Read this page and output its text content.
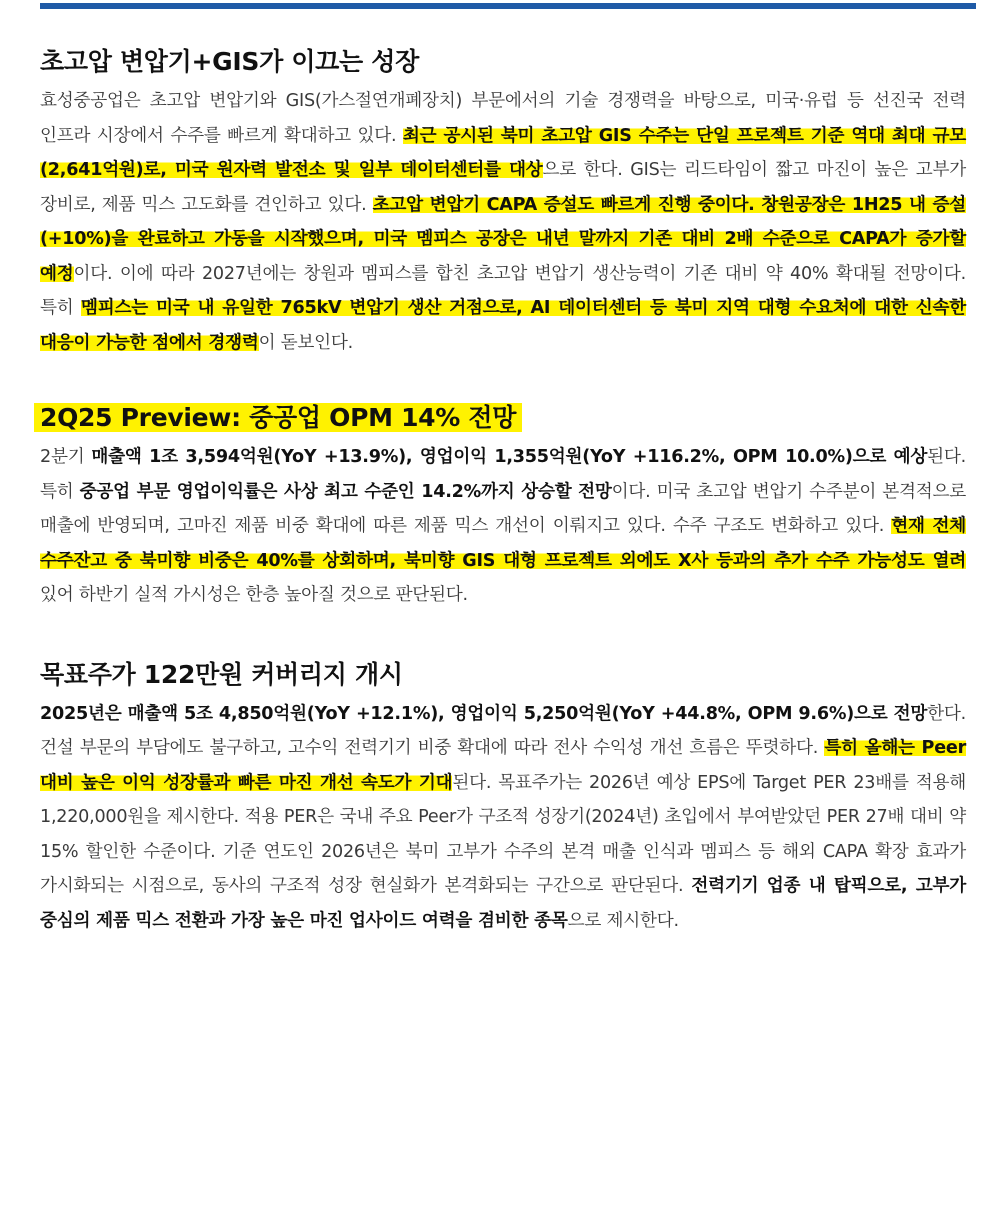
초고압 변압기+GIS가 이끄는 성장

효성중공업은 초고압 변압기와 GIS(가스절연개폐장치) 부문에서의 기술 경쟁력을 바탕으로, 미국·유럽 등 선진국 전력 인프라 시장에서 수주를 빠르게 확대하고 있다. 최근 공시된 북미 초고압 GIS 수주는 단일 프로젝트 기준 역대 최대 규모(2,641억원)로, 미국 원자력 발전소 및 일부 데이터센터를 대상으로 한다. GIS는 리드타임이 짧고 마진이 높은 고부가 장비로, 제품 믹스 고도화를 견인하고 있다. 초고압 변압기 CAPA 증설도 빠르게 진행 중이다. 창원공장은 1H25 내 증설(+10%)을 완료하고 가동을 시작했으며, 미국 멤피스 공장은 내년 말까지 기존 대비 2배 수준으로 CAPA가 증가할 예정이다. 이에 따라 2027년에는 창원과 멤피스를 합친 초고압 변압기 생산능력이 기존 대비 약 40% 확대될 전망이다. 특히 멤피스는 미국 내 유일한 765kV 변압기 생산 거점으로, AI 데이터센터 등 북미 지역 대형 수요처에 대한 신속한 대응이 가능한 점에서 경쟁력이 돋보인다.

2Q25 Preview: 중공업 OPM 14% 전망

2분기 매출액 1조 3,594억원(YoY +13.9%), 영업이익 1,355억원(YoY +116.2%, OPM 10.0%)으로 예상된다. 특히 중공업 부문 영업이익률은 사상 최고 수준인 14.2%까지 상승할 전망이다. 미국 초고압 변압기 수주분이 본격적으로 매출에 반영되며, 고마진 제품 비중 확대에 따른 제품 믹스 개선이 이뤄지고 있다. 수주 구조도 변화하고 있다. 현재 전체 수주잔고 중 북미향 비중은 40%를 상회하며, 북미향 GIS 대형 프로젝트 외에도 X사 등과의 추가 수주 가능성도 열려 있어 하반기 실적 가시성은 한층 높아질 것으로 판단된다.

목표주가 122만원 커버리지 개시

2025년은 매출액 5조 4,850억원(YoY +12.1%), 영업이익 5,250억원(YoY +44.8%, OPM 9.6%)으로 전망한다. 건설 부문의 부담에도 불구하고, 고수익 전력기기 비중 확대에 따라 전사 수익성 개선 흐름은 뚜렷하다. 특히 올해는 Peer 대비 높은 이익 성장률과 빠른 마진 개선 속도가 기대된다. 목표주가는 2026년 예상 EPS에 Target PER 23배를 적용해 1,220,000원을 제시한다. 적용 PER은 국내 주요 Peer가 구조적 성장기(2024년) 초입에서 부여받았던 PER 27배 대비 약 15% 할인한 수준이다. 기준 연도인 2026년은 북미 고부가 수주의 본격 매출 인식과 멤피스 등 해외 CAPA 확장 효과가 가시화되는 시점으로, 동사의 구조적 성장 현실화가 본격화되는 구간으로 판단된다. 전력기기 업종 내 탑픽으로, 고부가 중심의 제품 믹스 전환과 가장 높은 마진 업사이드 여력을 겸비한 종목으로 제시한다.
